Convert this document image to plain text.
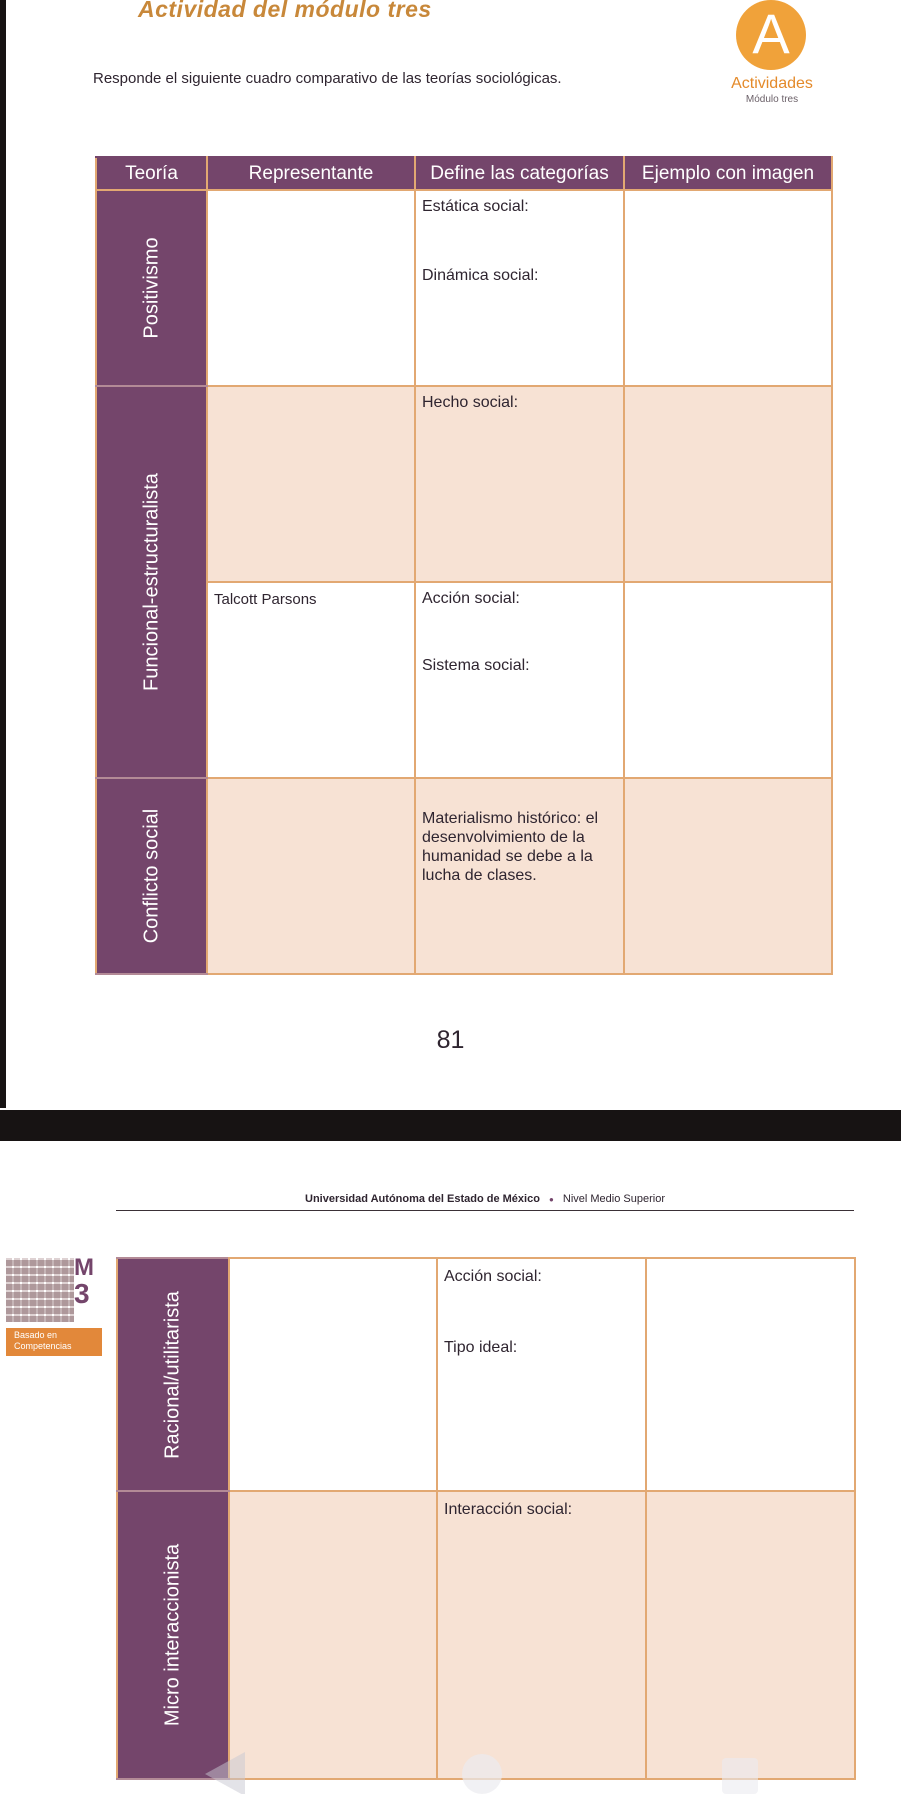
Actividad del módulo tres
Responde el siguiente cuadro comparativo de las teorías sociológicas.
A
Actividades
Módulo tres
Teoría	Representante	Define las categorías	Ejemplo con imagen

Positivismo		Estática social:
Dinámica social:	

Funcional-estructuralista		Hecho social:	

	Talcott Parsons	Acción social:
Sistema social:	

Conflicto social		Materialismo histórico: el desenvolvimiento de la humanidad se debe a la lucha de clases.	

81
Universidad Autónoma del Estado de México ● Nivel Medio Superior
M
3
Basado en
Competencias	Racional/utilitarista		Acción social:
Tipo ideal:	

Micro interaccionista		Interacción social:	
